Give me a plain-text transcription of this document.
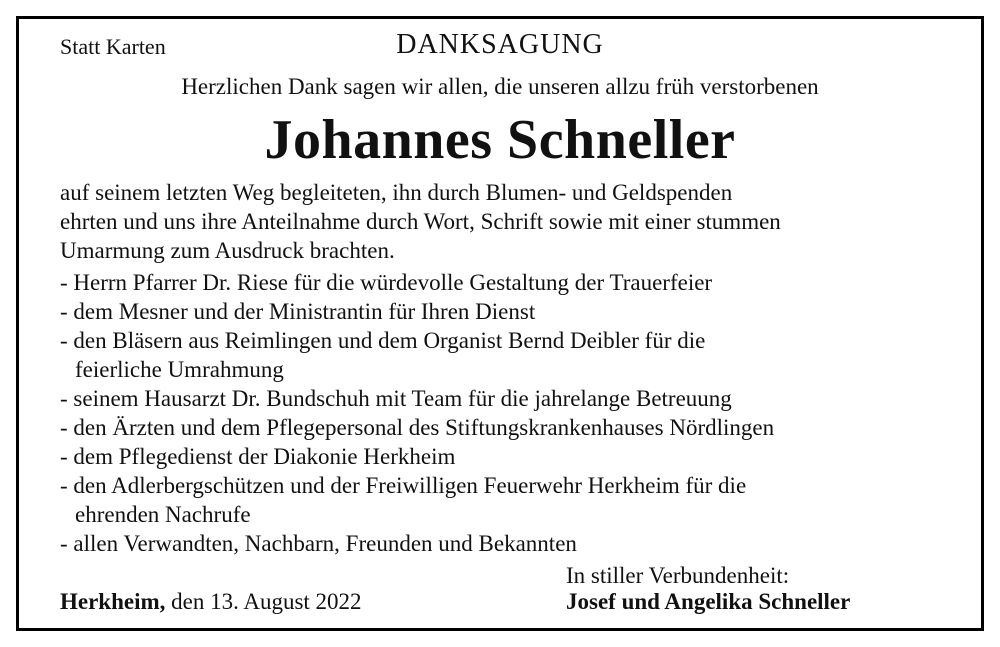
Statt Karten	DANKSAGUNG
Herzlichen Dank sagen wir allen, die unseren allzu früh verstorbenen
Johannes Schneller
auf seinem letzten Weg begleiteten, ihn durch Blumen- und Geldspenden
ehrten und uns ihre Anteilnahme durch Wort, Schrift sowie mit einer stummen
Umarmung zum Ausdruck brachten.
- Herrn Pfarrer Dr. Riese für die würdevolle Gestaltung der Trauerfeier
- dem Mesner und der Ministrantin für Ihren Dienst
- den Bläsern aus Reimlingen und dem Organist Bernd Deibler für die
feierliche Umrahmung
- seinem Hausarzt Dr. Bundschuh mit Team für die jahrelange Betreuung
- den Ärzten und dem Pflegepersonal des Stiftungskrankenhauses Nördlingen
- dem Pflegedienst der Diakonie Herkheim
- den Adlerbergschützen und der Freiwilligen Feuerwehr Herkheim für die
ehrenden Nachrufe
- allen Verwandten, Nachbarn, Freunden und Bekannten
Herkheim, den 13. August 2022
In stiller Verbundenheit:
Josef und Angelika Schneller
